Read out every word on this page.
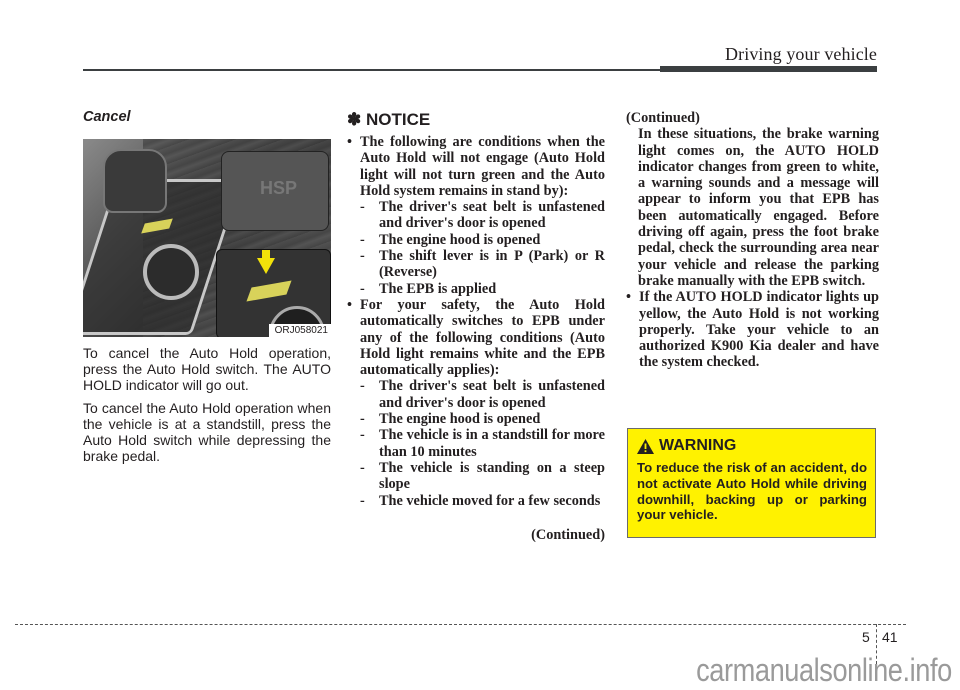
Driving your vehicle
Cancel
HSP
ORJ058021

To cancel the Auto Hold operation, press the Auto Hold switch. The AUTO HOLD indicator will go out.

To cancel the Auto Hold operation when the vehicle is at a standstill, press the Auto Hold switch while depressing the brake pedal.

✽ NOTICE
• The following are conditions when the Auto Hold will not engage (Auto Hold light will not turn green and the Auto Hold system remains in stand by):
- The driver's seat belt is unfastened and driver's door is opened
- The engine hood is opened
- The shift lever is in P (Park) or R (Reverse)
- The EPB is applied
• For your safety, the Auto Hold automatically switches to EPB under any of the following conditions (Auto Hold light remains white and the EPB automatically applies):
- The driver's seat belt is unfastened and driver's door is opened
- The engine hood is opened
- The vehicle is in a standstill for more than 10 minutes
- The vehicle is standing on a steep slope
- The vehicle moved for a few seconds
(Continued)
(Continued)
In these situations, the brake warning light comes on, the AUTO HOLD indicator changes from green to white, a warning sounds and a message will appear to inform you that EPB has been automatically engaged. Before driving off again, press the foot brake pedal, check the surrounding area near your vehicle and release the parking brake manually with the EPB switch.
• If the AUTO HOLD indicator lights up yellow, the Auto Hold is not working properly. Take your vehicle to an authorized K900 Kia dealer and have the system checked.
WARNING
To reduce the risk of an accident, do not activate Auto Hold while driving downhill, backing up or parking your vehicle.
5 41
carmanualsonline.info
